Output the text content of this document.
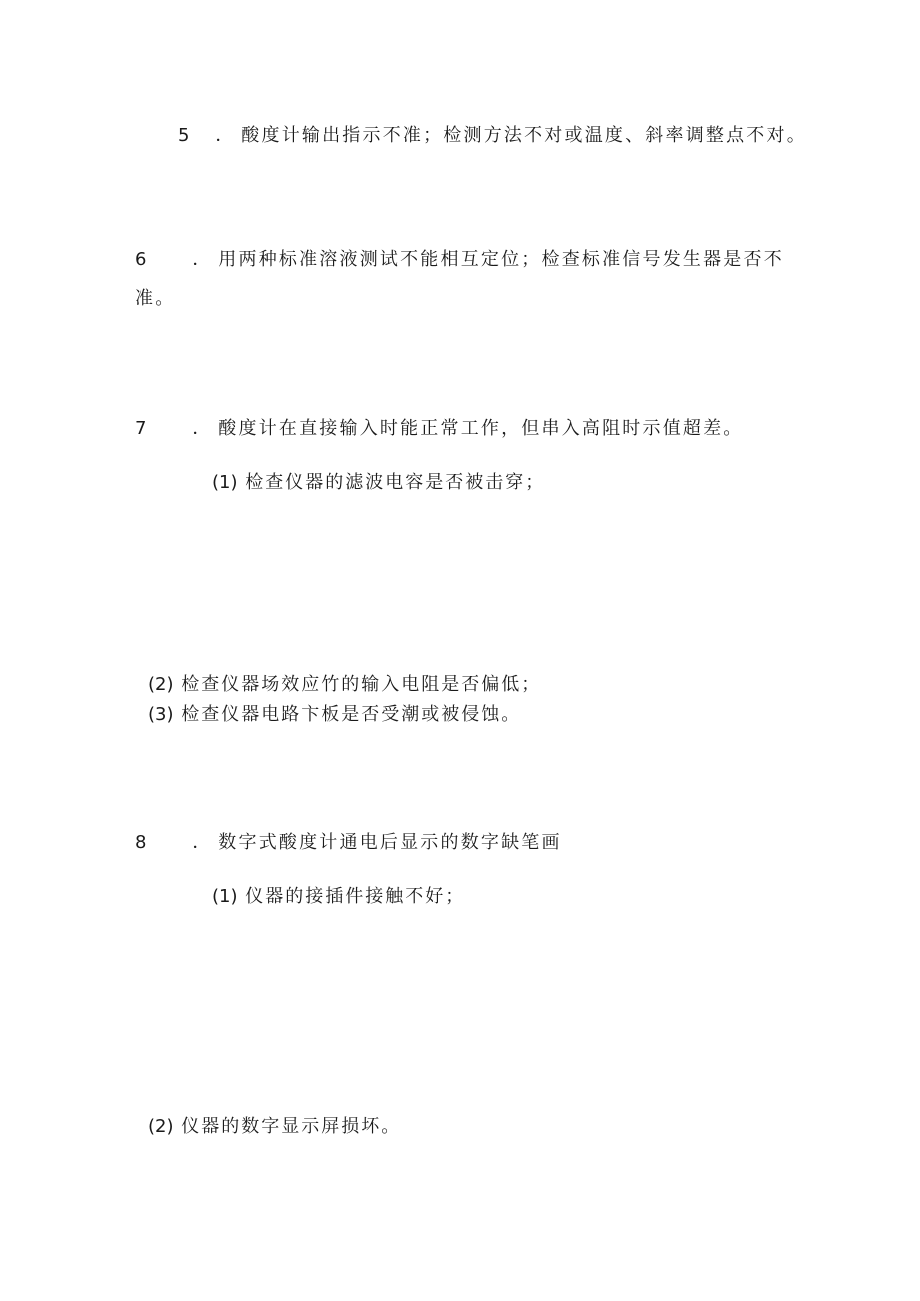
5 ． 酸度计输出指示不准；检测方法不对或温度、斜率调整点不对。
6	． 用两种标准溶液测试不能相互定位；检查标准信号发生器是否不
准。
7	． 酸度计在直接输入时能正常工作，但串入高阻时示值超差。
(1) 检查仪器的滤波电容是否被击穿；
(2) 检查仪器场效应竹的输入电阻是否偏低；
(3) 检查仪器电路卞板是否受潮或被侵蚀。
8	． 数字式酸度计通电后显示的数字缺笔画
(1) 仪器的接插件接触不好；
(2) 仪器的数字显示屏损坏。
